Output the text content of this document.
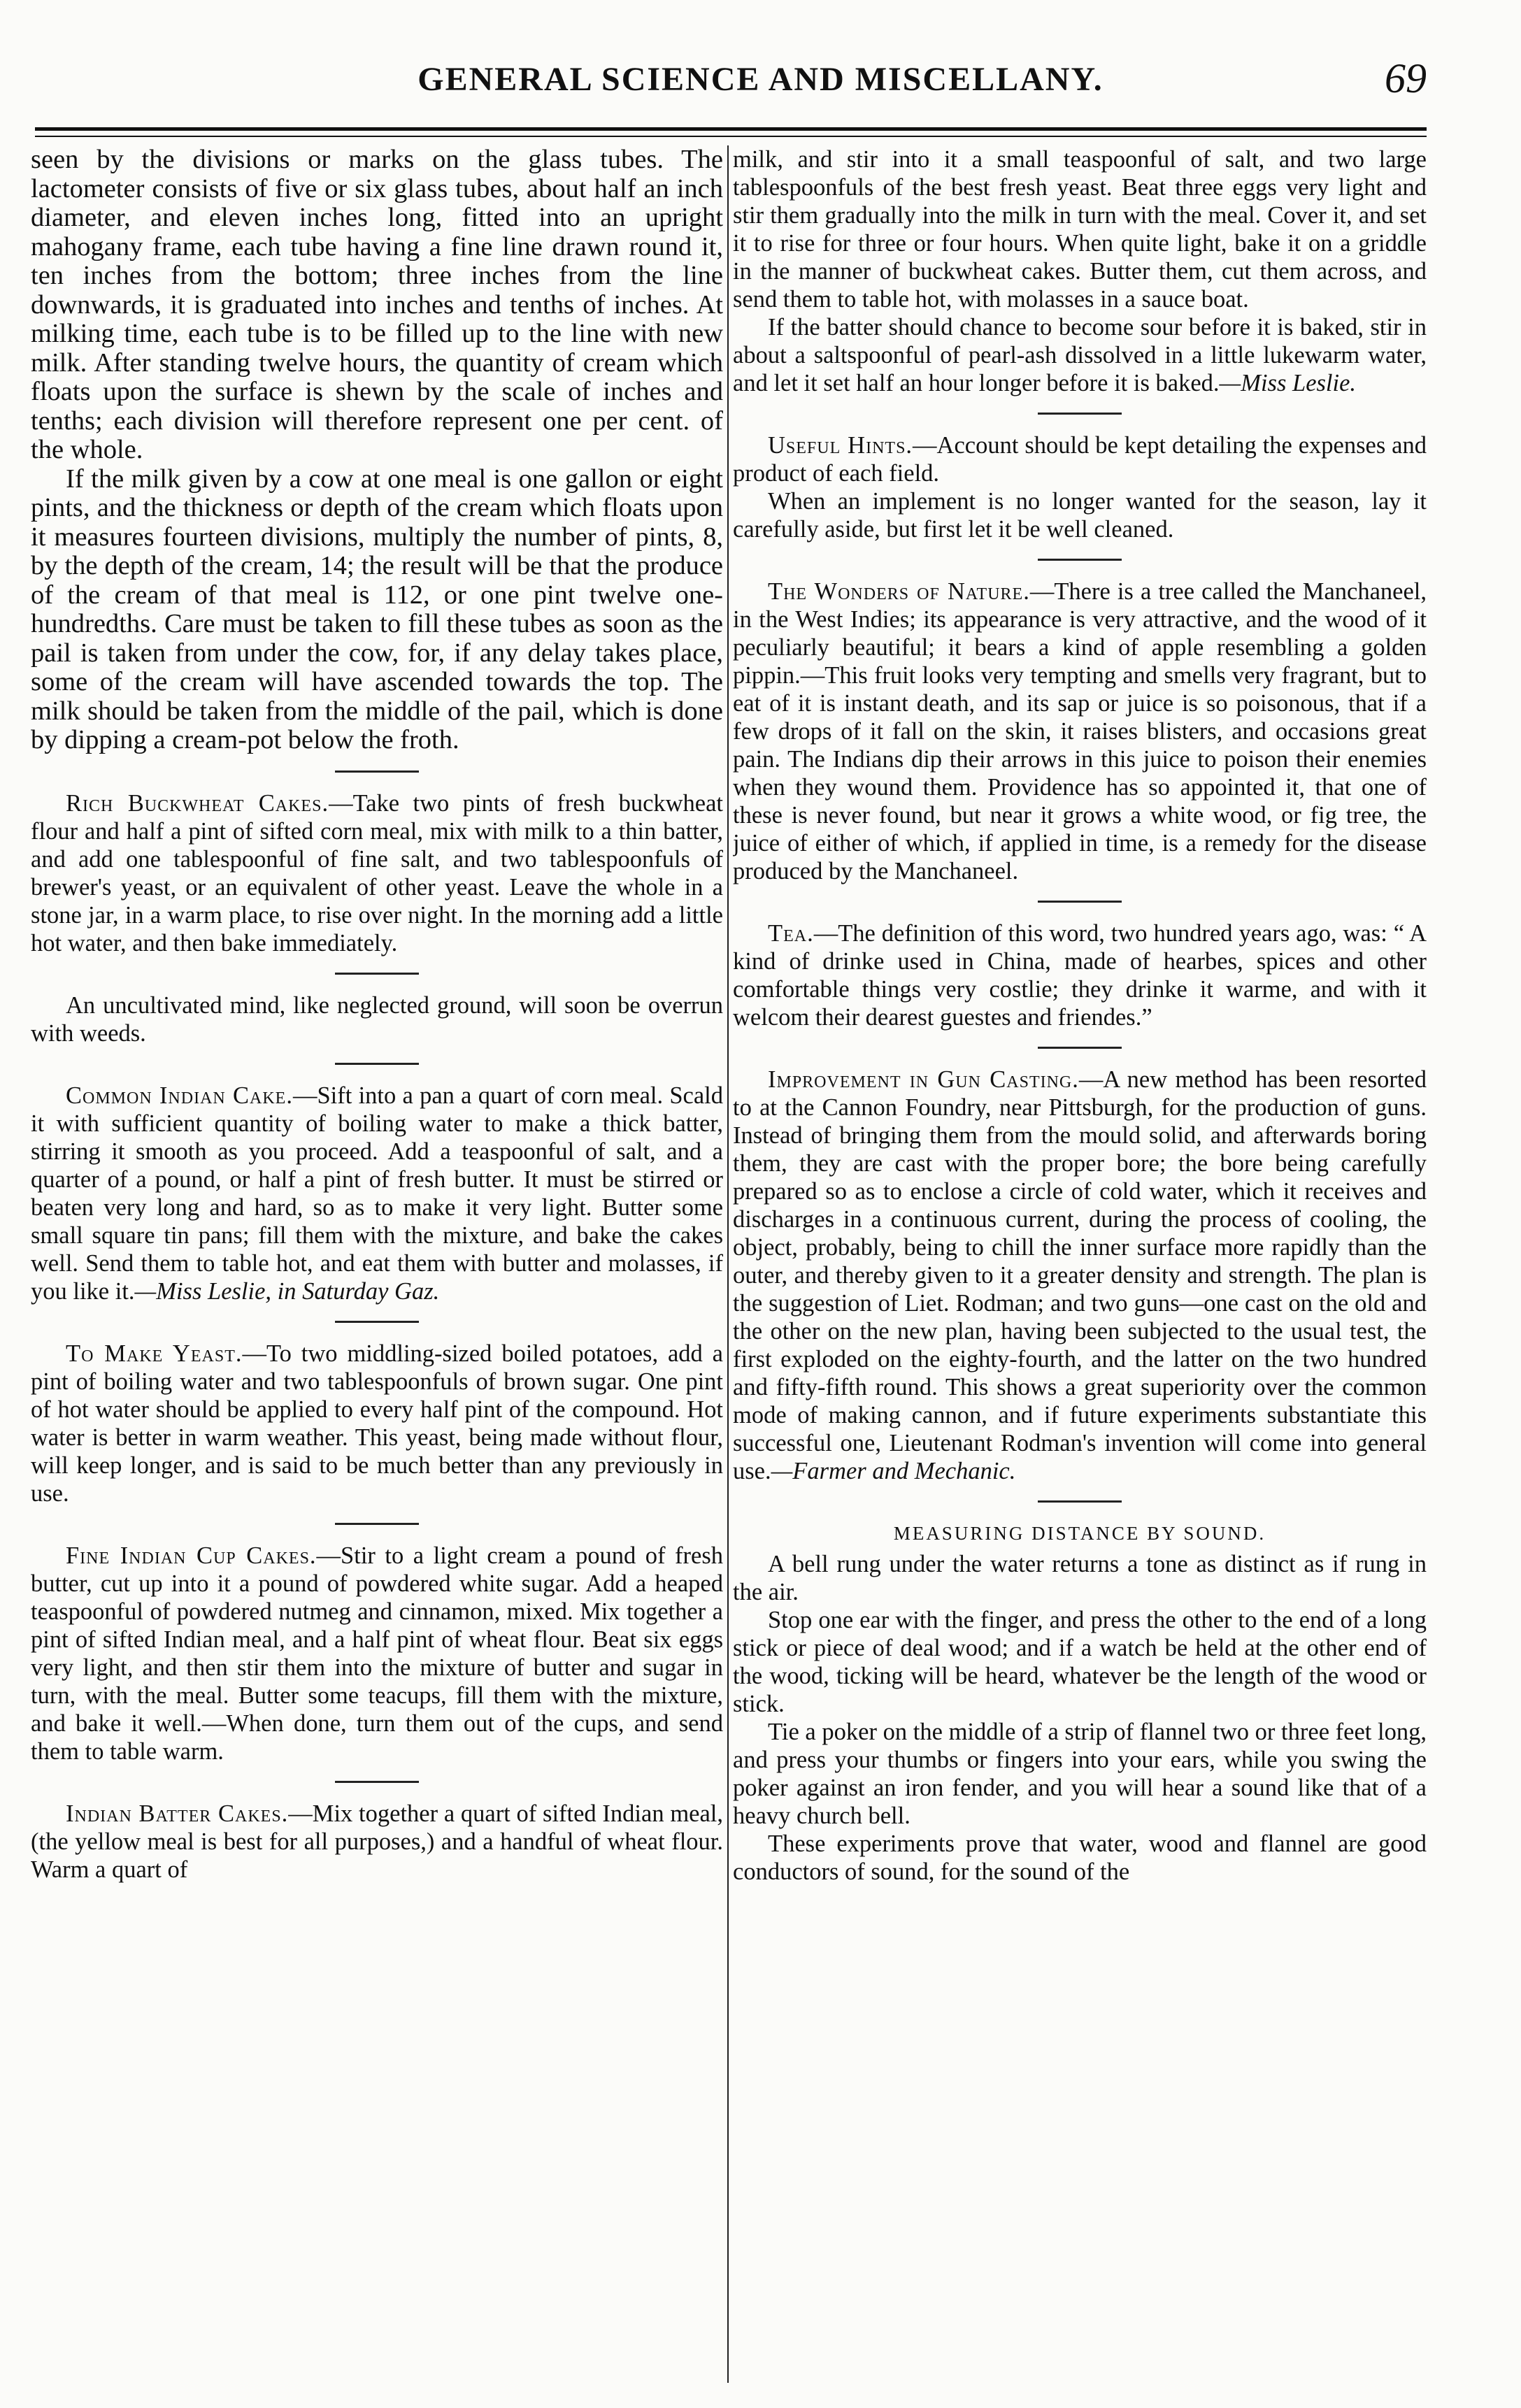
GENERAL SCIENCE AND MISCELLANY.	69

seen by the divisions or marks on the glass tubes. The lactometer consists of five or six glass tubes, about half an inch diameter, and eleven inches long, fitted into an upright mahogany frame, each tube having a fine line drawn round it, ten inches from the bottom; three inches from the line downwards, it is graduated into inches and tenths of inches. At milking time, each tube is to be filled up to the line with new milk. After standing twelve hours, the quantity of cream which floats upon the surface is shewn by the scale of inches and tenths; each division will therefore represent one per cent. of the whole.

If the milk given by a cow at one meal is one gallon or eight pints, and the thickness or depth of the cream which floats upon it measures fourteen divisions, multiply the number of pints, 8, by the depth of the cream, 14; the result will be that the produce of the cream of that meal is 112, or one pint twelve one-hundredths. Care must be taken to fill these tubes as soon as the pail is taken from under the cow, for, if any delay takes place, some of the cream will have ascended towards the top. The milk should be taken from the middle of the pail, which is done by dipping a cream-pot below the froth.

Rich Buckwheat Cakes.—Take two pints of fresh buckwheat flour and half a pint of sifted corn meal, mix with milk to a thin batter, and add one tablespoonful of fine salt, and two tablespoonfuls of brewer's yeast, or an equivalent of other yeast. Leave the whole in a stone jar, in a warm place, to rise over night. In the morning add a little hot water, and then bake immediately.

An uncultivated mind, like neglected ground, will soon be overrun with weeds.

Common Indian Cake.—Sift into a pan a quart of corn meal. Scald it with sufficient quantity of boiling water to make a thick batter, stirring it smooth as you proceed. Add a teaspoonful of salt, and a quarter of a pound, or half a pint of fresh butter. It must be stirred or beaten very long and hard, so as to make it very light. Butter some small square tin pans; fill them with the mixture, and bake the cakes well. Send them to table hot, and eat them with butter and molasses, if you like it.—Miss Leslie, in Saturday Gaz.

To Make Yeast.—To two middling-sized boiled potatoes, add a pint of boiling water and two tablespoonfuls of brown sugar. One pint of hot water should be applied to every half pint of the compound. Hot water is better in warm weather. This yeast, being made without flour, will keep longer, and is said to be much better than any previously in use.

Fine Indian Cup Cakes.—Stir to a light cream a pound of fresh butter, cut up into it a pound of powdered white sugar. Add a heaped teaspoonful of powdered nutmeg and cinnamon, mixed. Mix together a pint of sifted Indian meal, and a half pint of wheat flour. Beat six eggs very light, and then stir them into the mixture of butter and sugar in turn, with the meal. Butter some teacups, fill them with the mixture, and bake it well.—When done, turn them out of the cups, and send them to table warm.

Indian Batter Cakes.—Mix together a quart of sifted Indian meal, (the yellow meal is best for all purposes,) and a handful of wheat flour. Warm a quart of

milk, and stir into it a small teaspoonful of salt, and two large tablespoonfuls of the best fresh yeast. Beat three eggs very light and stir them gradually into the milk in turn with the meal. Cover it, and set it to rise for three or four hours. When quite light, bake it on a griddle in the manner of buckwheat cakes. Butter them, cut them across, and send them to table hot, with molasses in a sauce boat.

If the batter should chance to become sour before it is baked, stir in about a saltspoonful of pearl-ash dissolved in a little lukewarm water, and let it set half an hour longer before it is baked.—Miss Leslie.

Useful Hints.—Account should be kept detailing the expenses and product of each field.

When an implement is no longer wanted for the season, lay it carefully aside, but first let it be well cleaned.

The Wonders of Nature.—There is a tree called the Manchaneel, in the West Indies; its appearance is very attractive, and the wood of it peculiarly beautiful; it bears a kind of apple resembling a golden pippin.—This fruit looks very tempting and smells very fragrant, but to eat of it is instant death, and its sap or juice is so poisonous, that if a few drops of it fall on the skin, it raises blisters, and occasions great pain. The Indians dip their arrows in this juice to poison their enemies when they wound them. Providence has so appointed it, that one of these is never found, but near it grows a white wood, or fig tree, the juice of either of which, if applied in time, is a remedy for the disease produced by the Manchaneel.

Tea.—The definition of this word, two hundred years ago, was: “ A kind of drinke used in China, made of hearbes, spices and other comfortable things very costlie; they drinke it warme, and with it welcom their dearest guestes and friendes.”

Improvement in Gun Casting.—A new method has been resorted to at the Cannon Foundry, near Pittsburgh, for the production of guns. Instead of bringing them from the mould solid, and afterwards boring them, they are cast with the proper bore; the bore being carefully prepared so as to enclose a circle of cold water, which it receives and discharges in a continuous current, during the process of cooling, the object, probably, being to chill the inner surface more rapidly than the outer, and thereby given to it a greater density and strength. The plan is the suggestion of Liet. Rodman; and two guns—one cast on the old and the other on the new plan, having been subjected to the usual test, the first exploded on the eighty-fourth, and the latter on the two hundred and fifty-fifth round. This shows a great superiority over the common mode of making cannon, and if future experiments substantiate this successful one, Lieutenant Rodman's invention will come into general use.—Farmer and Mechanic.

MEASURING DISTANCE BY SOUND.

A bell rung under the water returns a tone as distinct as if rung in the air.

Stop one ear with the finger, and press the other to the end of a long stick or piece of deal wood; and if a watch be held at the other end of the wood, ticking will be heard, whatever be the length of the wood or stick.

Tie a poker on the middle of a strip of flannel two or three feet long, and press your thumbs or fingers into your ears, while you swing the poker against an iron fender, and you will hear a sound like that of a heavy church bell.

These experiments prove that water, wood and flannel are good conductors of sound, for the sound of the
